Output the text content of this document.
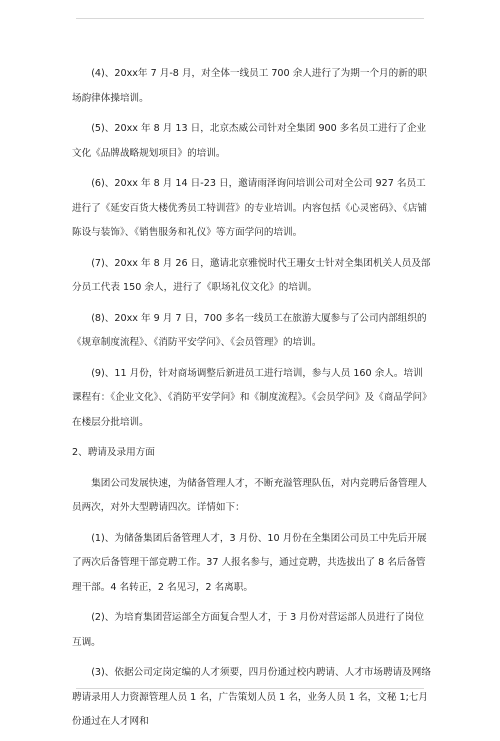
(4)、20xx年 7 月-8 月，对全体一线员工 700 余人进行了为期一个月的新的职场韵律体操培训。

(5)、20xx 年 8 月 13 日，北京杰威公司针对全集团 900 多名员工进行了企业文化《品牌战略规划项目》的培训。

(6)、20xx 年 8 月 14 日-23 日，邀请雨泽询问培训公司对全公司 927 名员工进行了《延安百货大楼优秀员工特训营》的专业培训。内容包括《心灵密码》、《店铺陈设与装饰》、《销售服务和礼仪》等方面学问的培训。

(7)、20xx 年 8 月 26 日，邀请北京雅悦时代王珊女士针对全集团机关人员及部分员工代表 150 余人，进行了《职场礼仪文化》的培训。

(8)、20xx 年 9 月 7 日，700 多名一线员工在旅游大厦参与了公司内部组织的《规章制度流程》、《消防平安学问》、《会员管理》的培训。

(9)、11 月份，针对商场调整后新进员工进行培训，参与人员 160 余人。培训课程有：《企业文化》、《消防平安学问》和《制度流程》。《会员学问》及《商品学问》在楼层分批培训。

2、聘请及录用方面

集团公司发展快速，为储备管理人才，不断充溢管理队伍，对内竞聘后备管理人员两次，对外大型聘请四次。详情如下：

(1)、为储备集团后备管理人才，3 月份、10 月份在全集团公司员工中先后开展了两次后备管理干部竞聘工作。37 人报名参与，通过竞聘，共选拔出了 8 名后备管理干部。4 名转正，2 名见习，2 名离职。

(2)、为培育集团营运部全方面复合型人才，于 3 月份对营运部人员进行了岗位互调。

(3)、依据公司定岗定编的人才须要，四月份通过校内聘请、人才市场聘请及网络聘请录用人力资源管理人员 1 名，广告策划人员 1 名，业务人员 1 名，文秘 1;七月份通过在人才网和
